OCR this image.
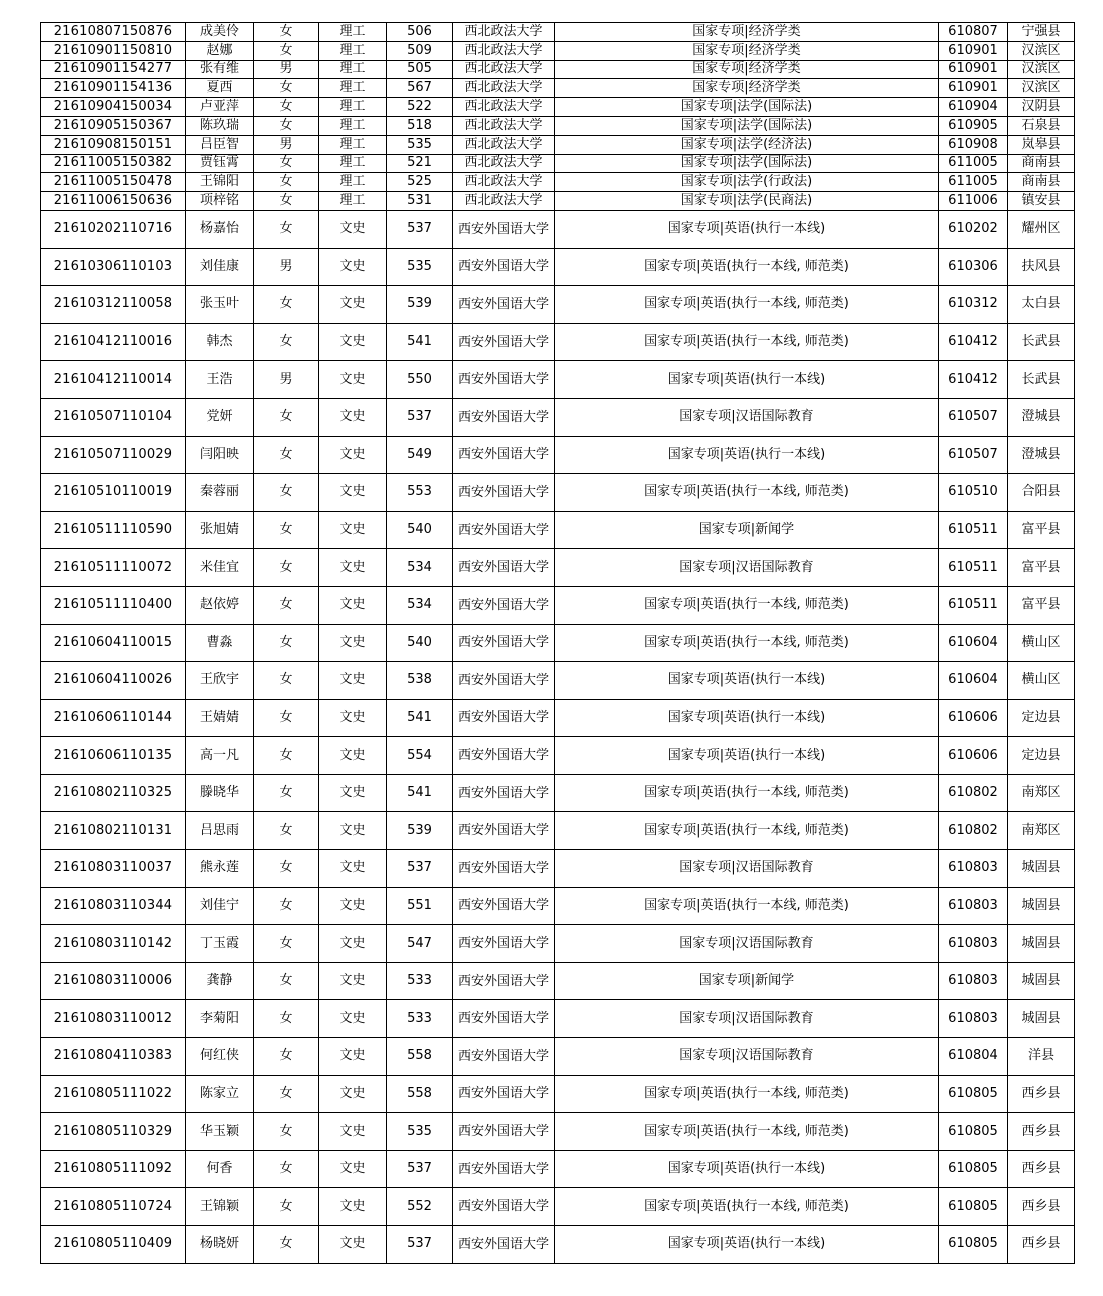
21610807150876	成美伶	女	理工	506	西北政法大学	国家专项|经济学类	610807	宁强县
21610901150810	赵娜	女	理工	509	西北政法大学	国家专项|经济学类	610901	汉滨区
21610901154277	张有维	男	理工	505	西北政法大学	国家专项|经济学类	610901	汉滨区
21610901154136	夏西	女	理工	567	西北政法大学	国家专项|经济学类	610901	汉滨区
21610904150034	卢亚萍	女	理工	522	西北政法大学	国家专项|法学(国际法)	610904	汉阴县
21610905150367	陈玖瑞	女	理工	518	西北政法大学	国家专项|法学(国际法)	610905	石泉县
21610908150151	吕臣智	男	理工	535	西北政法大学	国家专项|法学(经济法)	610908	岚皋县
21611005150382	贾钰霄	女	理工	521	西北政法大学	国家专项|法学(国际法)	611005	商南县
21611005150478	王锦阳	女	理工	525	西北政法大学	国家专项|法学(行政法)	611005	商南县
21611006150636	项梓铭	女	理工	531	西北政法大学	国家专项|法学(民商法)	611006	镇安县
21610202110716	杨嘉怡	女	文史	537	西安外国语大学	国家专项|英语(执行一本线)	610202	耀州区
21610306110103	刘佳康	男	文史	535	西安外国语大学	国家专项|英语(执行一本线, 师范类)	610306	扶风县
21610312110058	张玉叶	女	文史	539	西安外国语大学	国家专项|英语(执行一本线, 师范类)	610312	太白县
21610412110016	韩杰	女	文史	541	西安外国语大学	国家专项|英语(执行一本线, 师范类)	610412	长武县
21610412110014	王浩	男	文史	550	西安外国语大学	国家专项|英语(执行一本线)	610412	长武县
21610507110104	党妍	女	文史	537	西安外国语大学	国家专项|汉语国际教育	610507	澄城县
21610507110029	闫阳映	女	文史	549	西安外国语大学	国家专项|英语(执行一本线)	610507	澄城县
21610510110019	秦蓉丽	女	文史	553	西安外国语大学	国家专项|英语(执行一本线, 师范类)	610510	合阳县
21610511110590	张旭婧	女	文史	540	西安外国语大学	国家专项|新闻学	610511	富平县
21610511110072	米佳宜	女	文史	534	西安外国语大学	国家专项|汉语国际教育	610511	富平县
21610511110400	赵依婷	女	文史	534	西安外国语大学	国家专项|英语(执行一本线, 师范类)	610511	富平县
21610604110015	曹淼	女	文史	540	西安外国语大学	国家专项|英语(执行一本线, 师范类)	610604	横山区
21610604110026	王欣宇	女	文史	538	西安外国语大学	国家专项|英语(执行一本线)	610604	横山区
21610606110144	王婧婧	女	文史	541	西安外国语大学	国家专项|英语(执行一本线)	610606	定边县
21610606110135	高一凡	女	文史	554	西安外国语大学	国家专项|英语(执行一本线)	610606	定边县
21610802110325	滕晓华	女	文史	541	西安外国语大学	国家专项|英语(执行一本线, 师范类)	610802	南郑区
21610802110131	吕思雨	女	文史	539	西安外国语大学	国家专项|英语(执行一本线, 师范类)	610802	南郑区
21610803110037	熊永莲	女	文史	537	西安外国语大学	国家专项|汉语国际教育	610803	城固县
21610803110344	刘佳宁	女	文史	551	西安外国语大学	国家专项|英语(执行一本线, 师范类)	610803	城固县
21610803110142	丁玉霞	女	文史	547	西安外国语大学	国家专项|汉语国际教育	610803	城固县
21610803110006	龚静	女	文史	533	西安外国语大学	国家专项|新闻学	610803	城固县
21610803110012	李菊阳	女	文史	533	西安外国语大学	国家专项|汉语国际教育	610803	城固县
21610804110383	何红侠	女	文史	558	西安外国语大学	国家专项|汉语国际教育	610804	洋县
21610805111022	陈家立	女	文史	558	西安外国语大学	国家专项|英语(执行一本线, 师范类)	610805	西乡县
21610805110329	华玉颖	女	文史	535	西安外国语大学	国家专项|英语(执行一本线, 师范类)	610805	西乡县
21610805111092	何香	女	文史	537	西安外国语大学	国家专项|英语(执行一本线)	610805	西乡县
21610805110724	王锦颖	女	文史	552	西安外国语大学	国家专项|英语(执行一本线, 师范类)	610805	西乡县
21610805110409	杨晓妍	女	文史	537	西安外国语大学	国家专项|英语(执行一本线)	610805	西乡县
